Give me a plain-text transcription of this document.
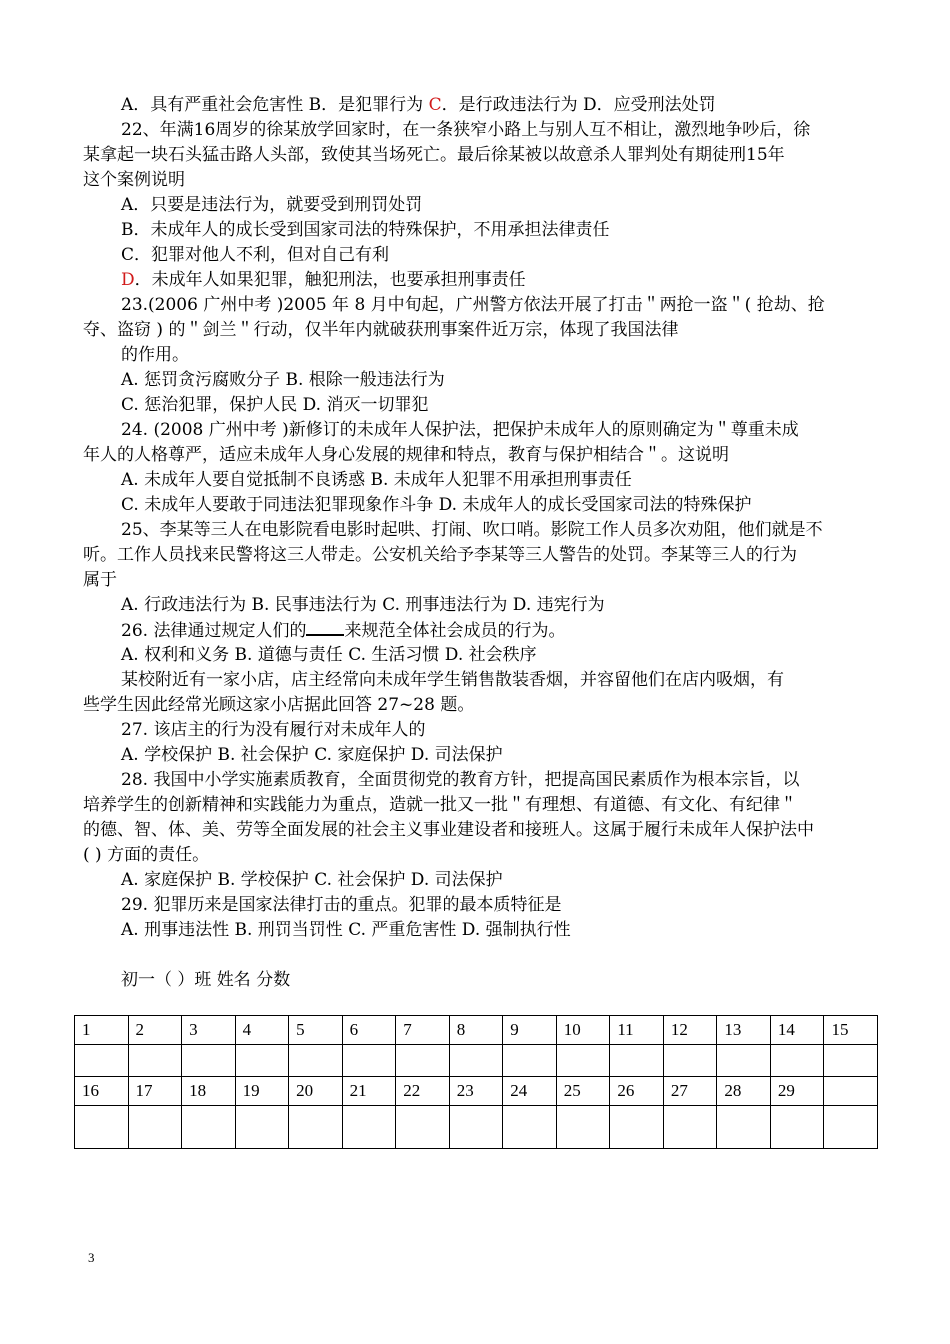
A．具有严重社会危害性 B．是犯罪行为 C．是行政违法行为 D．应受刑法处罚
22、年满16周岁的徐某放学回家时，在一条狭窄小路上与别人互不相让，激烈地争吵后，徐
某拿起一块石头猛击路人头部，致使其当场死亡。最后徐某被以故意杀人罪判处有期徒刑15年
这个案例说明
A．只要是违法行为，就要受到刑罚处罚
B．未成年人的成长受到国家司法的特殊保护，不用承担法律责任
C．犯罪对他人不利，但对自己有利
D．未成年人如果犯罪，触犯刑法，也要承担刑事责任
23.(2006 广州中考 )2005 年 8 月中旬起，广州警方依法开展了打击＂两抢一盗＂( 抢劫、抢
夺、盗窃 ) 的＂剑兰＂行动，仅半年内就破获刑事案件近万宗，体现了我国法律
的作用。
A. 惩罚贪污腐败分子 B. 根除一般违法行为
C. 惩治犯罪，保护人民 D. 消灭一切罪犯
24. (2008 广州中考 )新修订的未成年人保护法，把保护未成年人的原则确定为＂尊重未成
年人的人格尊严，适应未成年人身心发展的规律和特点，教育与保护相结合＂。这说明
A. 未成年人要自觉抵制不良诱惑 B. 未成年人犯罪不用承担刑事责任
C. 未成年人要敢于同违法犯罪现象作斗争 D. 未成年人的成长受国家司法的特殊保护
25、李某等三人在电影院看电影时起哄、打闹、吹口哨。影院工作人员多次劝阻，他们就是不
听。工作人员找来民警将这三人带走。公安机关给予李某等三人警告的处罚。李某等三人的行为
属于
A. 行政违法行为 B. 民事违法行为 C. 刑事违法行为 D. 违宪行为
26. 法律通过规定人们的 来规范全体社会成员的行为。
A. 权利和义务 B. 道德与责任 C. 生活习惯 D. 社会秩序
某校附近有一家小店，店主经常向未成年学生销售散装香烟，并容留他们在店内吸烟，有
些学生因此经常光顾这家小店据此回答 27~28 题。
27. 该店主的行为没有履行对未成年人的
A. 学校保护 B. 社会保护 C. 家庭保护 D. 司法保护
28. 我国中小学实施素质教育，全面贯彻党的教育方针，把提高国民素质作为根本宗旨，以
培养学生的创新精神和实践能力为重点，造就一批又一批＂有理想、有道德、有文化、有纪律＂
的德、智、体、美、劳等全面发展的社会主义事业建设者和接班人。这属于履行未成年人保护法中
( ) 方面的责任。
A. 家庭保护 B. 学校保护 C. 社会保护 D. 司法保护
29. 犯罪历来是国家法律打击的重点。犯罪的最本质特征是
A. 刑事违法性 B. 刑罚当罚性 C. 严重危害性 D. 强制执行性
初一（ ）班 姓名 分数
1	2	3	4	5	6	7	8	9	10	11	12	13	14	15

16	17	18	19	20	21	22	23	24	25	26	27	28	29	

3
